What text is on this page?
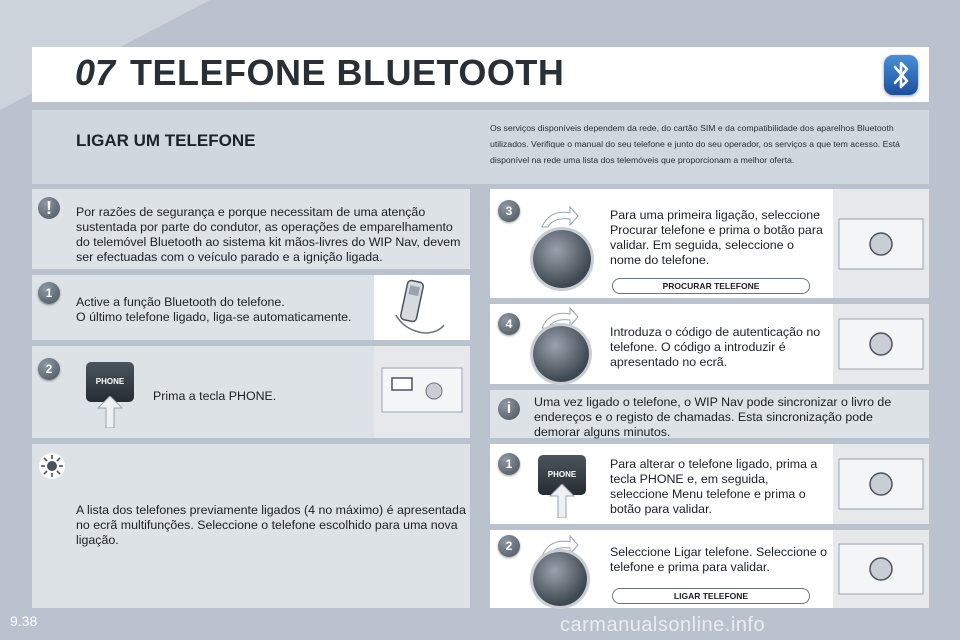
07 TELEFONE BLUETOOTH
LIGAR UM TELEFONE
Os serviços disponíveis dependem da rede, do cartão SIM e da compatibilidade dos aparelhos Bluetooth utilizados. Verifique o manual do seu telefone e junto do seu operador, os serviços a que tem acesso. Está disponível na rede uma lista dos telemóveis que proporcionam a melhor oferta.
!	Por razões de segurança e porque necessitam de uma atenção sustentada por parte do condutor, as operações de emparelhamento do telemóvel Bluetooth ao sistema kit mãos-livres do WIP Nav, devem ser efectuadas com o veículo parado e a ignição ligada.
1
Active a função Bluetooth do telefone.
O último telefone ligado, liga-se automaticamente.
2
PHONE
Prima a tecla PHONE.
A lista dos telefones previamente ligados (4 no máximo) é apresentada no ecrã multifunções. Seleccione o telefone escolhido para uma nova ligação.
3	Para uma primeira ligação, seleccione Procurar telefone e prima o botão para validar. Em seguida, seleccione o nome do telefone.
PROCURAR TELEFONE
4
Introduza o código de autenticação no telefone. O código a introduzir é apresentado no ecrã.
i	Uma vez ligado o telefone, o WIP Nav pode sincronizar o livro de endereços e o registo de chamadas. Esta sincronização pode demorar alguns minutos.
1
PHONE
Para alterar o telefone ligado, prima a tecla PHONE e, em seguida, seleccione Menu telefone e prima o botão para validar.
2	Seleccione Ligar telefone. Seleccione o telefone e prima para validar.
LIGAR TELEFONE
9.38	carmanualsonline.info
